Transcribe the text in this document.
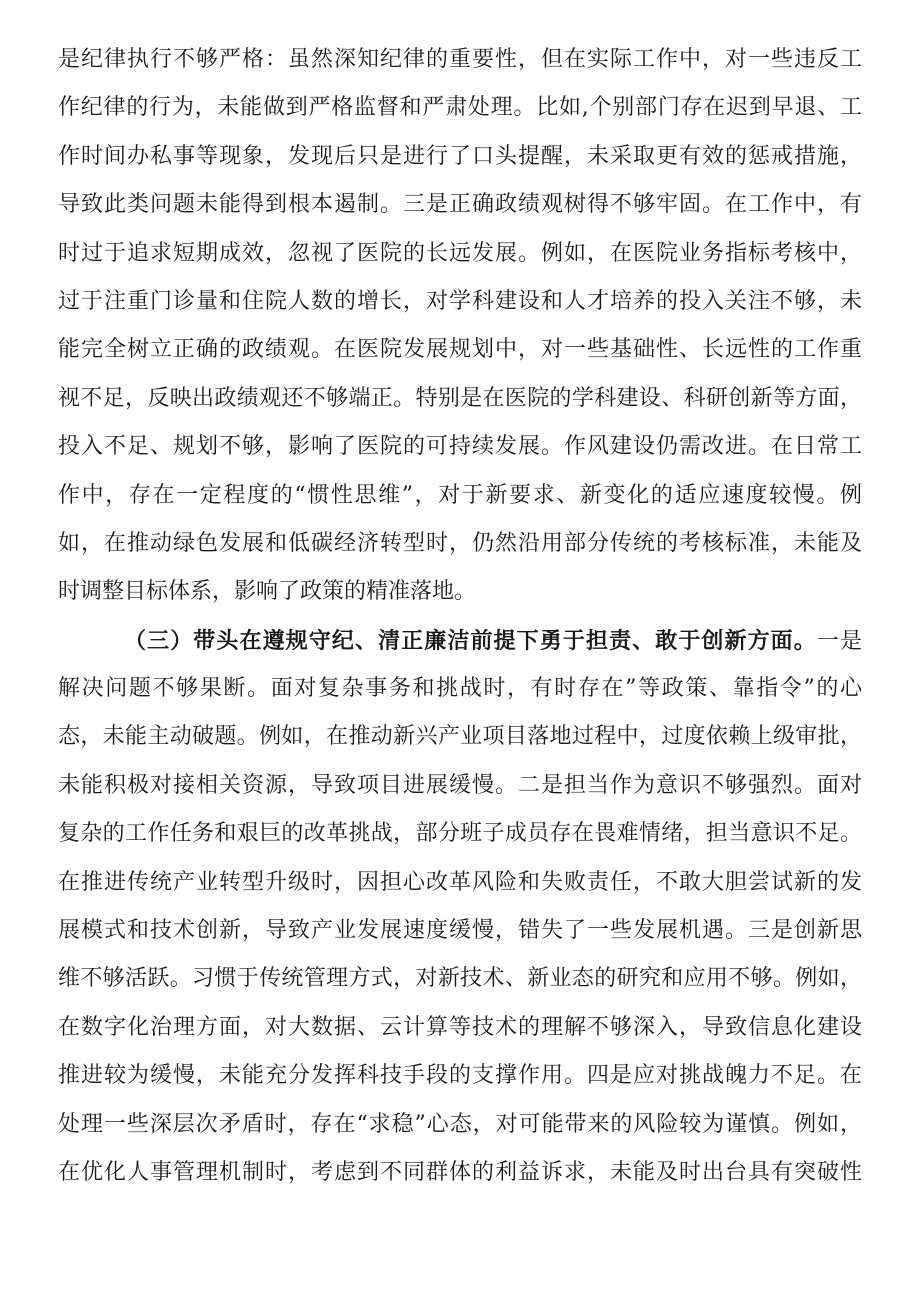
是纪律执行不够严格：虽然深知纪律的重要性，但在实际工作中，对一些违反工
作纪律的行为，未能做到严格监督和严肃处理。比如,个别部门存在迟到早退、工
作时间办私事等现象，发现后只是进行了口头提醒，未采取更有效的惩戒措施，
导致此类问题未能得到根本遏制。三是正确政绩观树得不够牢固。在工作中，有
时过于追求短期成效，忽视了医院的长远发展。例如，在医院业务指标考核中，
过于注重门诊量和住院人数的增长，对学科建设和人才培养的投入关注不够，未
能完全树立正确的政绩观。在医院发展规划中，对一些基础性、长远性的工作重
视不足，反映出政绩观还不够端正。特别是在医院的学科建设、科研创新等方面，
投入不足、规划不够，影响了医院的可持续发展。作风建设仍需改进。在日常工
作中，存在一定程度的“惯性思维”，对于新要求、新变化的适应速度较慢。例
如，在推动绿色发展和低碳经济转型时，仍然沿用部分传统的考核标准，未能及
时调整目标体系，影响了政策的精准落地。
（三）带头在遵规守纪、清正廉洁前提下勇于担责、敢于创新方面。一是
解决问题不够果断。面对复杂事务和挑战时，有时存在”等政策、靠指令”的心
态，未能主动破题。例如，在推动新兴产业项目落地过程中，过度依赖上级审批，
未能积极对接相关资源，导致项目进展缓慢。二是担当作为意识不够强烈。面对
复杂的工作任务和艰巨的改革挑战，部分班子成员存在畏难情绪，担当意识不足。
在推进传统产业转型升级时，因担心改革风险和失败责任，不敢大胆尝试新的发
展模式和技术创新，导致产业发展速度缓慢，错失了一些发展机遇。三是创新思
维不够活跃。习惯于传统管理方式，对新技术、新业态的研究和应用不够。例如，
在数字化治理方面，对大数据、云计算等技术的理解不够深入，导致信息化建设
推进较为缓慢，未能充分发挥科技手段的支撑作用。四是应对挑战魄力不足。在
处理一些深层次矛盾时，存在“求稳”心态，对可能带来的风险较为谨慎。例如，
在优化人事管理机制时，考虑到不同群体的利益诉求，未能及时出台具有突破性
